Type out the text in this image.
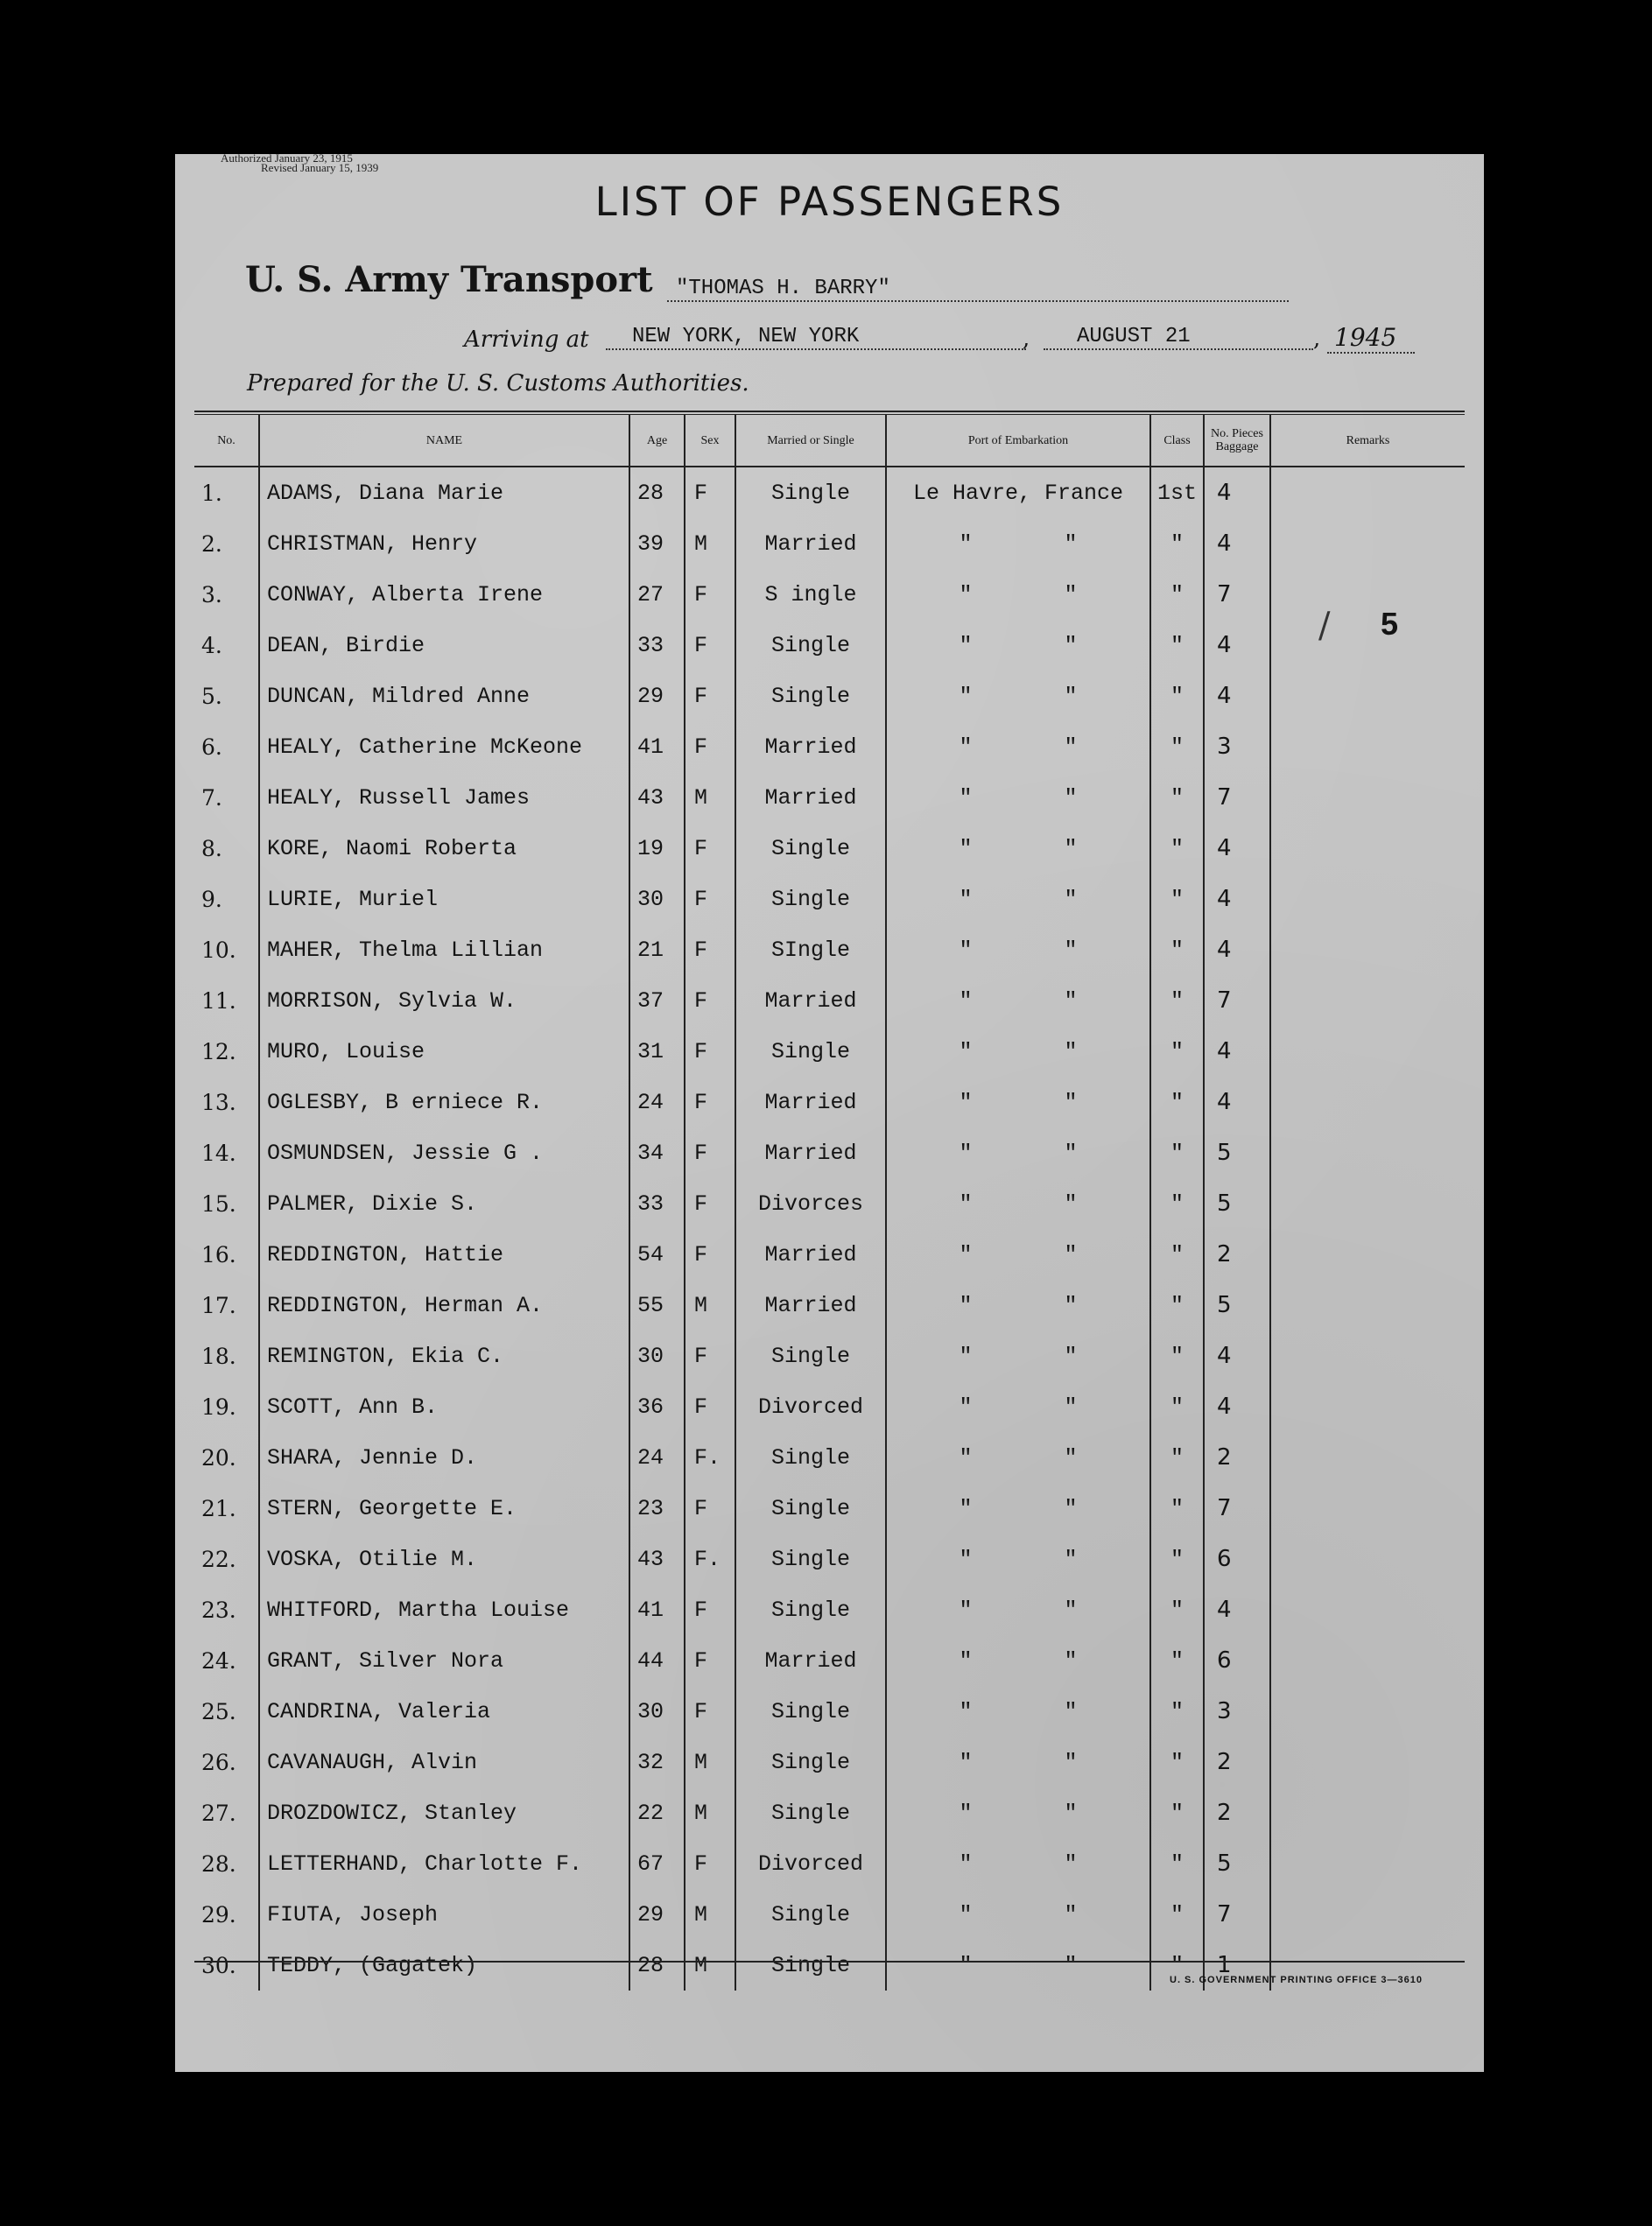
Authorized January 23, 1915
Revised January 15, 1939
LIST OF PASSENGERS
U. S. Army Transport	"THOMAS H. BARRY"
Arriving at	NEW YORK, NEW YORK	,	AUGUST 21	, 1945
Prepared for the U. S. Customs Authorities.
No.	NAME	Age	Sex	Married or Single	Port of Embarkation	Class	No. Pieces Baggage	Remarks
1.	ADAMS, Diana Marie	28	F	Single	Le Havre, France	1st	4	
2.	CHRISTMAN, Henry	39	M	Married	"       "	"	4	
3.	CONWAY, Alberta Irene	27	F	S ingle	"       "	"	7	
4.	DEAN, Birdie	33	F	Single	"       "	"	4	
5.	DUNCAN, Mildred Anne	29	F	Single	"       "	"	4	
6.	HEALY, Catherine McKeone	41	F	Married	"       "	"	3	
7.	HEALY, Russell James	43	M	Married	"       "	"	7	
8.	KORE, Naomi Roberta	19	F	Single	"       "	"	4	
9.	LURIE, Muriel	30	F	Single	"       "	"	4	
10.	MAHER, Thelma Lillian	21	F	SIngle	"       "	"	4	
11.	MORRISON, Sylvia W.	37	F	Married	"       "	"	7	
12.	MURO, Louise	31	F	Single	"       "	"	4	
13.	OGLESBY, B erniece R.	24	F	Married	"       "	"	4	
14.	OSMUNDSEN, Jessie G .	34	F	Married	"       "	"	5	
15.	PALMER, Dixie S.	33	F	Divorces	"       "	"	5	
16.	REDDINGTON, Hattie	54	F	Married	"       "	"	2	
17.	REDDINGTON, Herman A.	55	M	Married	"       "	"	5	
18.	REMINGTON, Ekia C.	30	F	Single	"       "	"	4	
19.	SCOTT, Ann B.	36	F	Divorced	"       "	"	4	
20.	SHARA, Jennie D.	24	F.	Single	"       "	"	2	
21.	STERN, Georgette E.	23	F	Single	"       "	"	7	
22.	VOSKA, Otilie M.	43	F.	Single	"       "	"	6	
23.	WHITFORD, Martha Louise	41	F	Single	"       "	"	4	
24.	GRANT, Silver Nora	44	F	Married	"       "	"	6	
25.	CANDRINA, Valeria	30	F	Single	"       "	"	3	
26.	CAVANAUGH, Alvin	32	M	Single	"       "	"	2	
27.	DROZDOWICZ, Stanley	22	M	Single	"       "	"	2	
28.	LETTERHAND, Charlotte F.	67	F	Divorced	"       "	"	5	
29.	FIUTA, Joseph	29	M	Single	"       "	"	7	
30.	TEDDY, (Gagatek)	28	M	Single	"       "	"	1	
/ 5
U. S. GOVERNMENT PRINTING OFFICE 3—3610
